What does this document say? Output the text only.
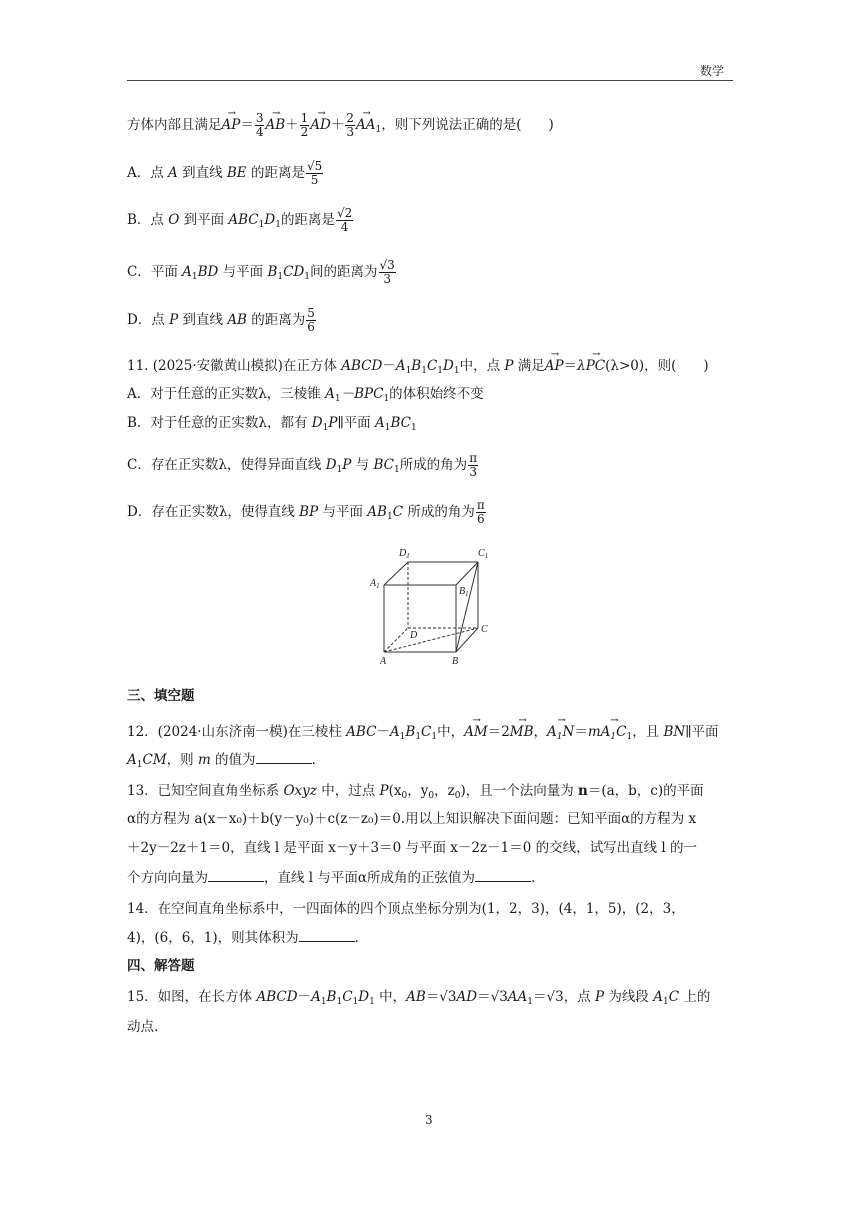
数学
方体内部且满足→ $AP= \frac{3}{4}$
→ $AB+ \frac{1}{2}$
→ $AD+ \frac{2}{3}$
→ $AA_1$，则下列说法正确的是(　　)
A．点 A 到直线 BE 的距离是 $\frac{√5}{5}$
B．点 O 到平面 $ABC_1D_1$的距离是 $\frac{√2}{4}$
C．平面 $A_1BD$ 与平面 $B_1CD_1$间的距离为 $\frac{√3}{3}$
D．点 P 到直线 AB 的距离为 $\frac{5}{6}$
11. (2025·安徽黄山模拟)在正方体 $ABCD-A_1B_1C_1D_1$中，点 P 满足→ AP＝λ→ PC(λ>0)，则(　　)
A．对于任意的正实数λ，三棱锥 $A_1-BPC_1$的体积始终不变
B．对于任意的正实数λ，都有 $D_1P\parallel$平面 $A_1BC_1$
C．存在正实数λ，使得异面直线 $D_1P$ 与 $BC_1$所成的角为 $\frac{\pi}{3}$
D．存在正实数λ，使得直线 BP 与平面 $AB_1C$ 所成的角为 $\frac{\pi}{6}$
$D_1$	$C_1$
$A_1$	$B_1$
D
C
A	B
三、填空题
12．(2024·山东济南一模)在三棱柱 $ABC-A_1B_1C_1$中，→ AM＝2→ MB，→ $A_1N=m\to A_1C_1$，且 BN∥平面
$A_1CM$，则 m 的值为	.
13．已知空间直角坐标系 Oxyz 中，过点 $P(x_0$，$y_0$，$z_0$)，且一个法向量为 n＝(a，b，c)的平面
α的方程为 a(x－x₀)＋b(y－y₀)＋c(z－z₀)＝0.用以上知识解决下面问题：已知平面α的方程为 x
＋2y－2z＋1＝0，直线 l 是平面 x－y＋3＝0 与平面 x－2z－1＝0 的交线，试写出直线 l 的一
个方向向量为	，直线 l 与平面α所成角的正弦值为	.
14．在空间直角坐标系中，一四面体的四个顶点坐标分别为(1，2，3)，(4，1，5)，(2，3，
4)，(6，6，1)，则其体积为	.
四、解答题
15．如图，在长方体 $ABCD-A_1B_1C_1D_1$ 中，$AB=√3AD=√3AA_1=√3$，点 P 为线段 $A_1C$ 上的
动点.
3
